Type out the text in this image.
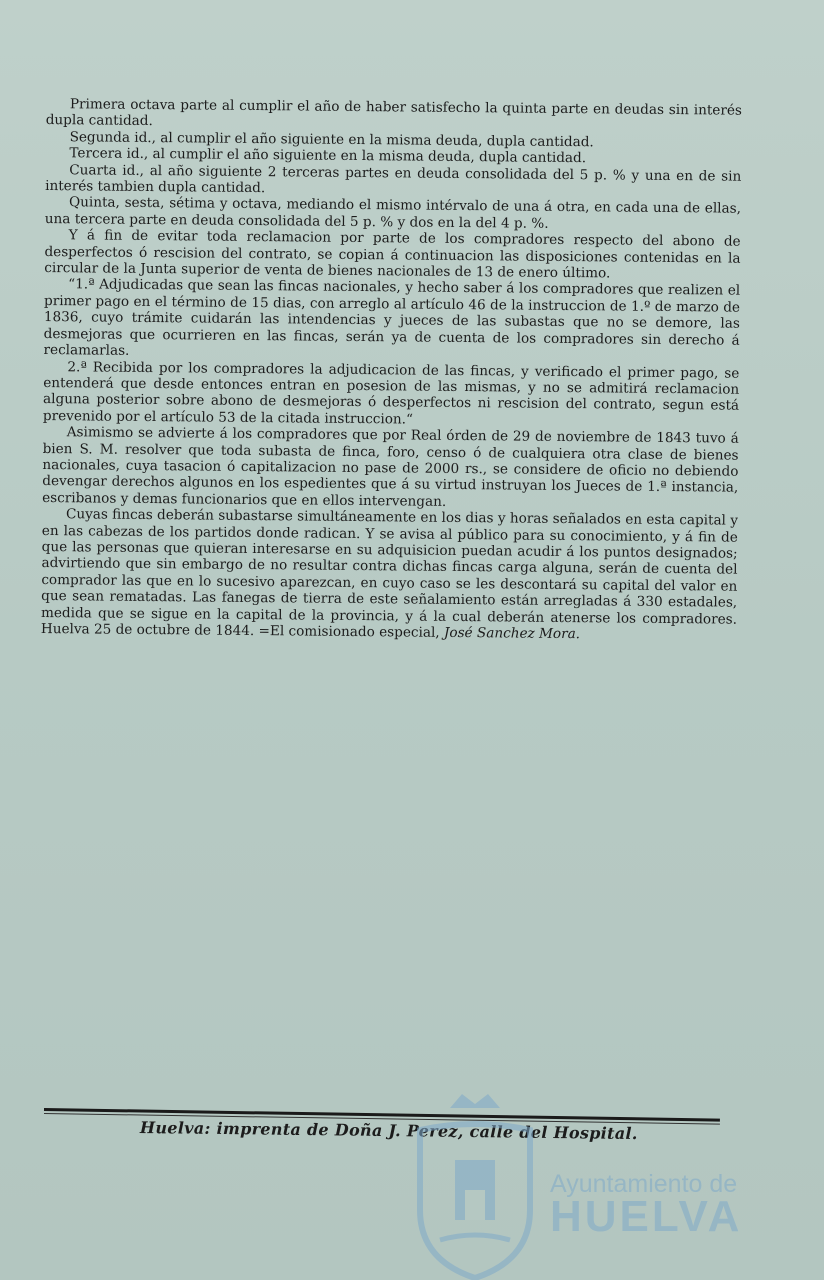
Primera octava parte al cumplir el año de haber satisfecho la quinta parte en deudas sin interés dupla cantidad.

Segunda id., al cumplir el año siguiente en la misma deuda, dupla cantidad.

Tercera id., al cumplir el año siguiente en la misma deuda, dupla cantidad.

Cuarta id., al año siguiente 2 terceras partes en deuda consolidada del 5 p. % y una en de sin interés tambien dupla cantidad.

Quinta, sesta, sétima y octava, mediando el mismo intérvalo de una á otra, en cada una de ellas, una tercera parte en deuda consolidada del 5 p. % y dos en la del 4 p. %.

Y á fin de evitar toda reclamacion por parte de los compradores respecto del abono de desperfectos ó rescision del contrato, se copian á continuacion las disposiciones contenidas en la circular de la Junta superior de venta de bienes nacionales de 13 de enero último.

“1.ª Adjudicadas que sean las fincas nacionales, y hecho saber á los compradores que realizen el primer pago en el término de 15 dias, con arreglo al artículo 46 de la instruccion de 1.º de marzo de 1836, cuyo trámite cuidarán las intendencias y jueces de las subastas que no se demore, las desmejoras que ocurrieren en las fincas, serán ya de cuenta de los compradores sin derecho á reclamarlas.

2.ª Recibida por los compradores la adjudicacion de las fincas, y verificado el primer pago, se entenderá que desde entonces entran en posesion de las mismas, y no se admitirá reclamacion alguna posterior sobre abono de desmejoras ó desperfectos ni rescision del contrato, segun está prevenido por el artículo 53 de la citada instruccion.“

Asimismo se advierte á los compradores que por Real órden de 29 de noviembre de 1843 tuvo á bien S. M. resolver que toda subasta de finca, foro, censo ó de cualquiera otra clase de bienes nacionales, cuya tasacion ó capitalizacion no pase de 2000 rs., se considere de oficio no debiendo devengar derechos algunos en los espedientes que á su virtud instruyan los Jueces de 1.ª instancia, escribanos y demas funcionarios que en ellos intervengan.

Cuyas fincas deberán subastarse simultáneamente en los dias y horas señalados en esta capital y en las cabezas de los partidos donde radican. Y se avisa al público para su conocimiento, y á fin de que las personas que quieran interesarse en su adquisicion puedan acudir á los puntos designados; advirtiendo que sin embargo de no resultar contra dichas fincas carga alguna, serán de cuenta del comprador las que en lo sucesivo aparezcan, en cuyo caso se les descontará su capital del valor en que sean rematadas. Las fanegas de tierra de este señalamiento están arregladas á 330 estadales, medida que se sigue en la capital de la provincia, y á la cual deberán atenerse los compradores. Huelva 25 de octubre de 1844. =El comisionado especial, José Sanchez Mora.

Huelva: imprenta de Doña J. Perez, calle del Hospital.
Ayuntamiento de
HUELVA
